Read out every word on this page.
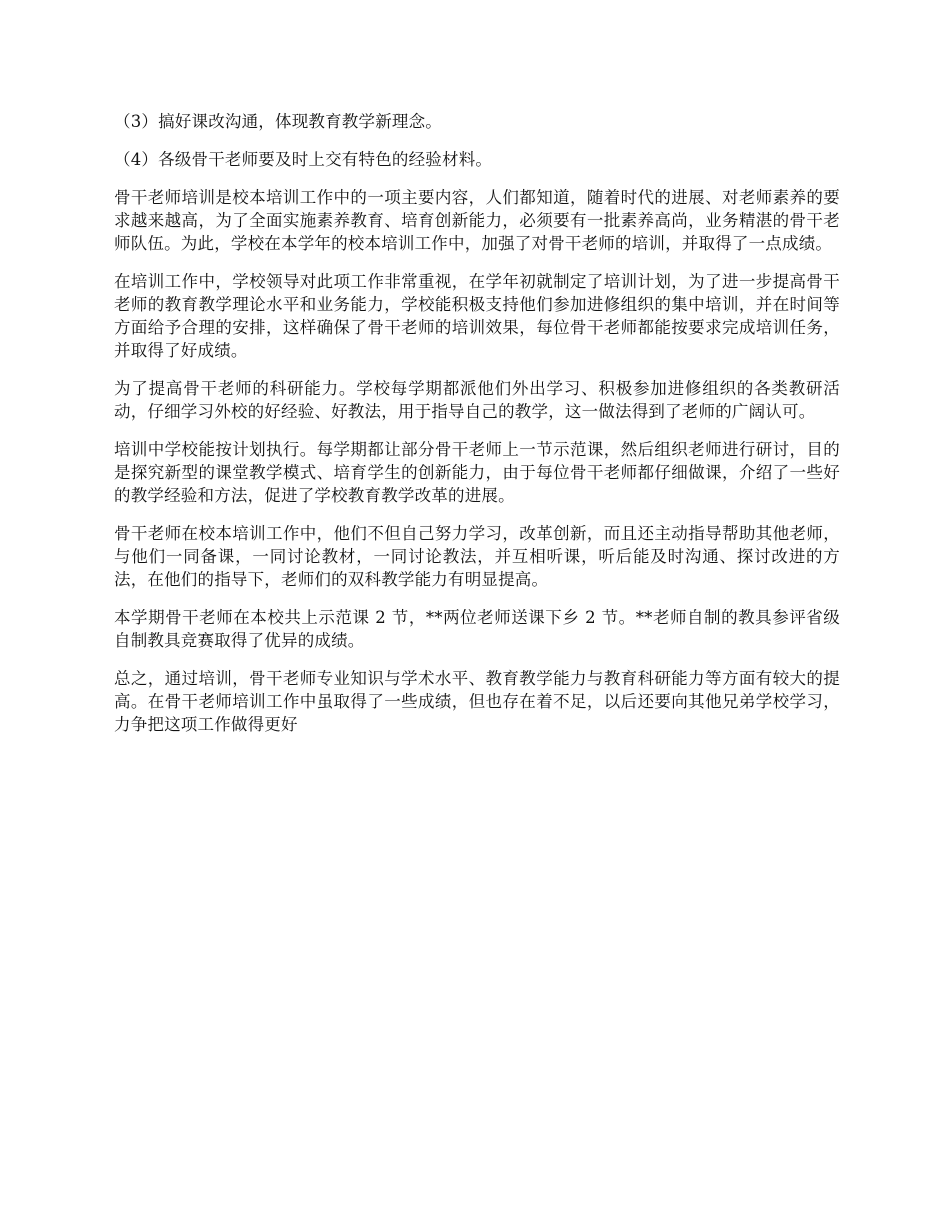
（3）搞好课改沟通，体现教育教学新理念。

（4）各级骨干老师要及时上交有特色的经验材料。

骨干老师培训是校本培训工作中的一项主要内容，人们都知道，随着时代的进展、对老师素养的要求越来越高，为了全面实施素养教育、培育创新能力，必须要有一批素养高尚，业务精湛的骨干老师队伍。为此，学校在本学年的校本培训工作中，加强了对骨干老师的培训，并取得了一点成绩。

在培训工作中，学校领导对此项工作非常重视，在学年初就制定了培训计划，为了进一步提高骨干老师的教育教学理论水平和业务能力，学校能积极支持他们参加进修组织的集中培训，并在时间等方面给予合理的安排，这样确保了骨干老师的培训效果，每位骨干老师都能按要求完成培训任务，并取得了好成绩。

为了提高骨干老师的科研能力。学校每学期都派他们外出学习、积极参加进修组织的各类教研活动，仔细学习外校的好经验、好教法，用于指导自己的教学，这一做法得到了老师的广阔认可。

培训中学校能按计划执行。每学期都让部分骨干老师上一节示范课，然后组织老师进行研讨，目的是探究新型的课堂教学模式、培育学生的创新能力，由于每位骨干老师都仔细做课，介绍了一些好的教学经验和方法，促进了学校教育教学改革的进展。

骨干老师在校本培训工作中，他们不但自己努力学习，改革创新，而且还主动指导帮助其他老师，与他们一同备课，一同讨论教材，一同讨论教法，并互相听课，听后能及时沟通、探讨改进的方法，在他们的指导下，老师们的双科教学能力有明显提高。

本学期骨干老师在本校共上示范课 2 节，**两位老师送课下乡 2 节。**老师自制的教具参评省级自制教具竞赛取得了优异的成绩。

总之，通过培训，骨干老师专业知识与学术水平、教育教学能力与教育科研能力等方面有较大的提高。在骨干老师培训工作中虽取得了一些成绩，但也存在着不足，以后还要向其他兄弟学校学习，力争把这项工作做得更好
